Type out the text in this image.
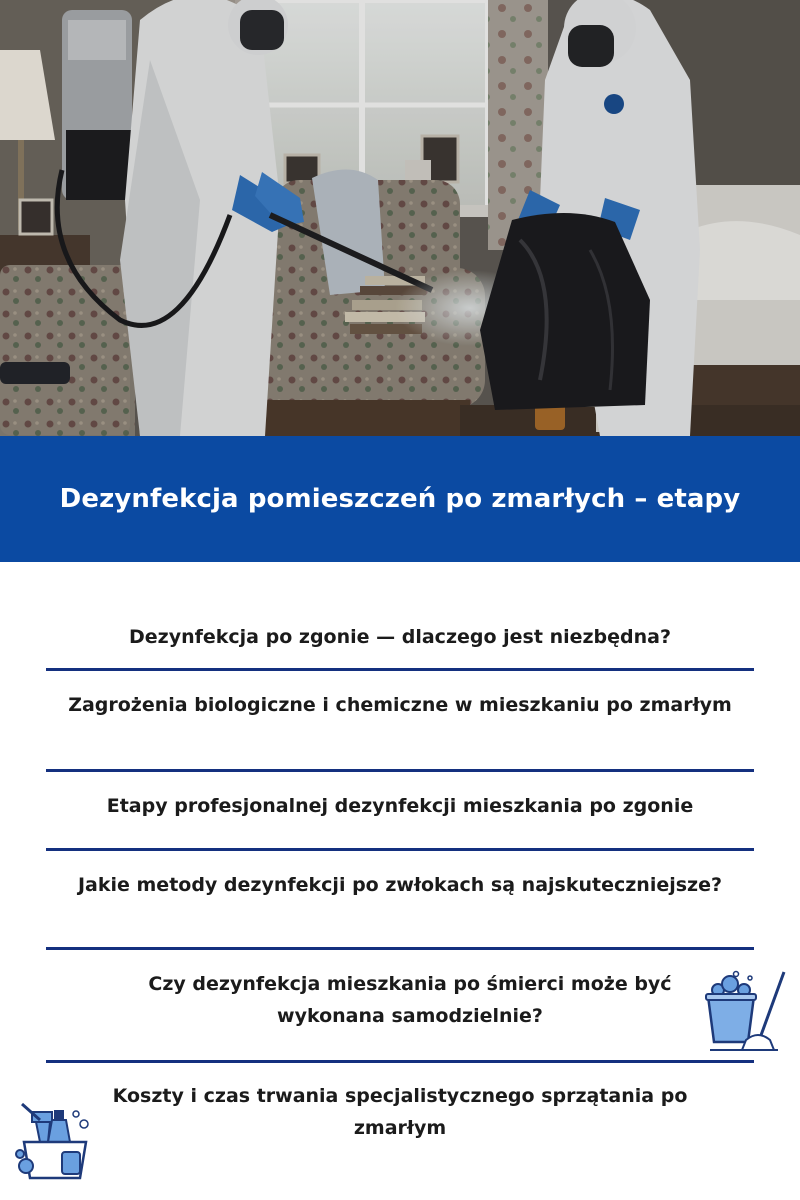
Dezynfekcja pomieszczeń po zmarłych – etapy
Dezynfekcja po zgonie — dlaczego jest niezbędna?
Zagrożenia biologiczne i chemiczne w mieszkaniu po zmarłym
Etapy profesjonalnej dezynfekcji mieszkania po zgonie
Jakie metody dezynfekcji po zwłokach są najskuteczniejsze?
Czy dezynfekcja mieszkania po śmierci może być wykonana samodzielnie?
Koszty i czas trwania specjalistycznego sprzątania po zmarłym
